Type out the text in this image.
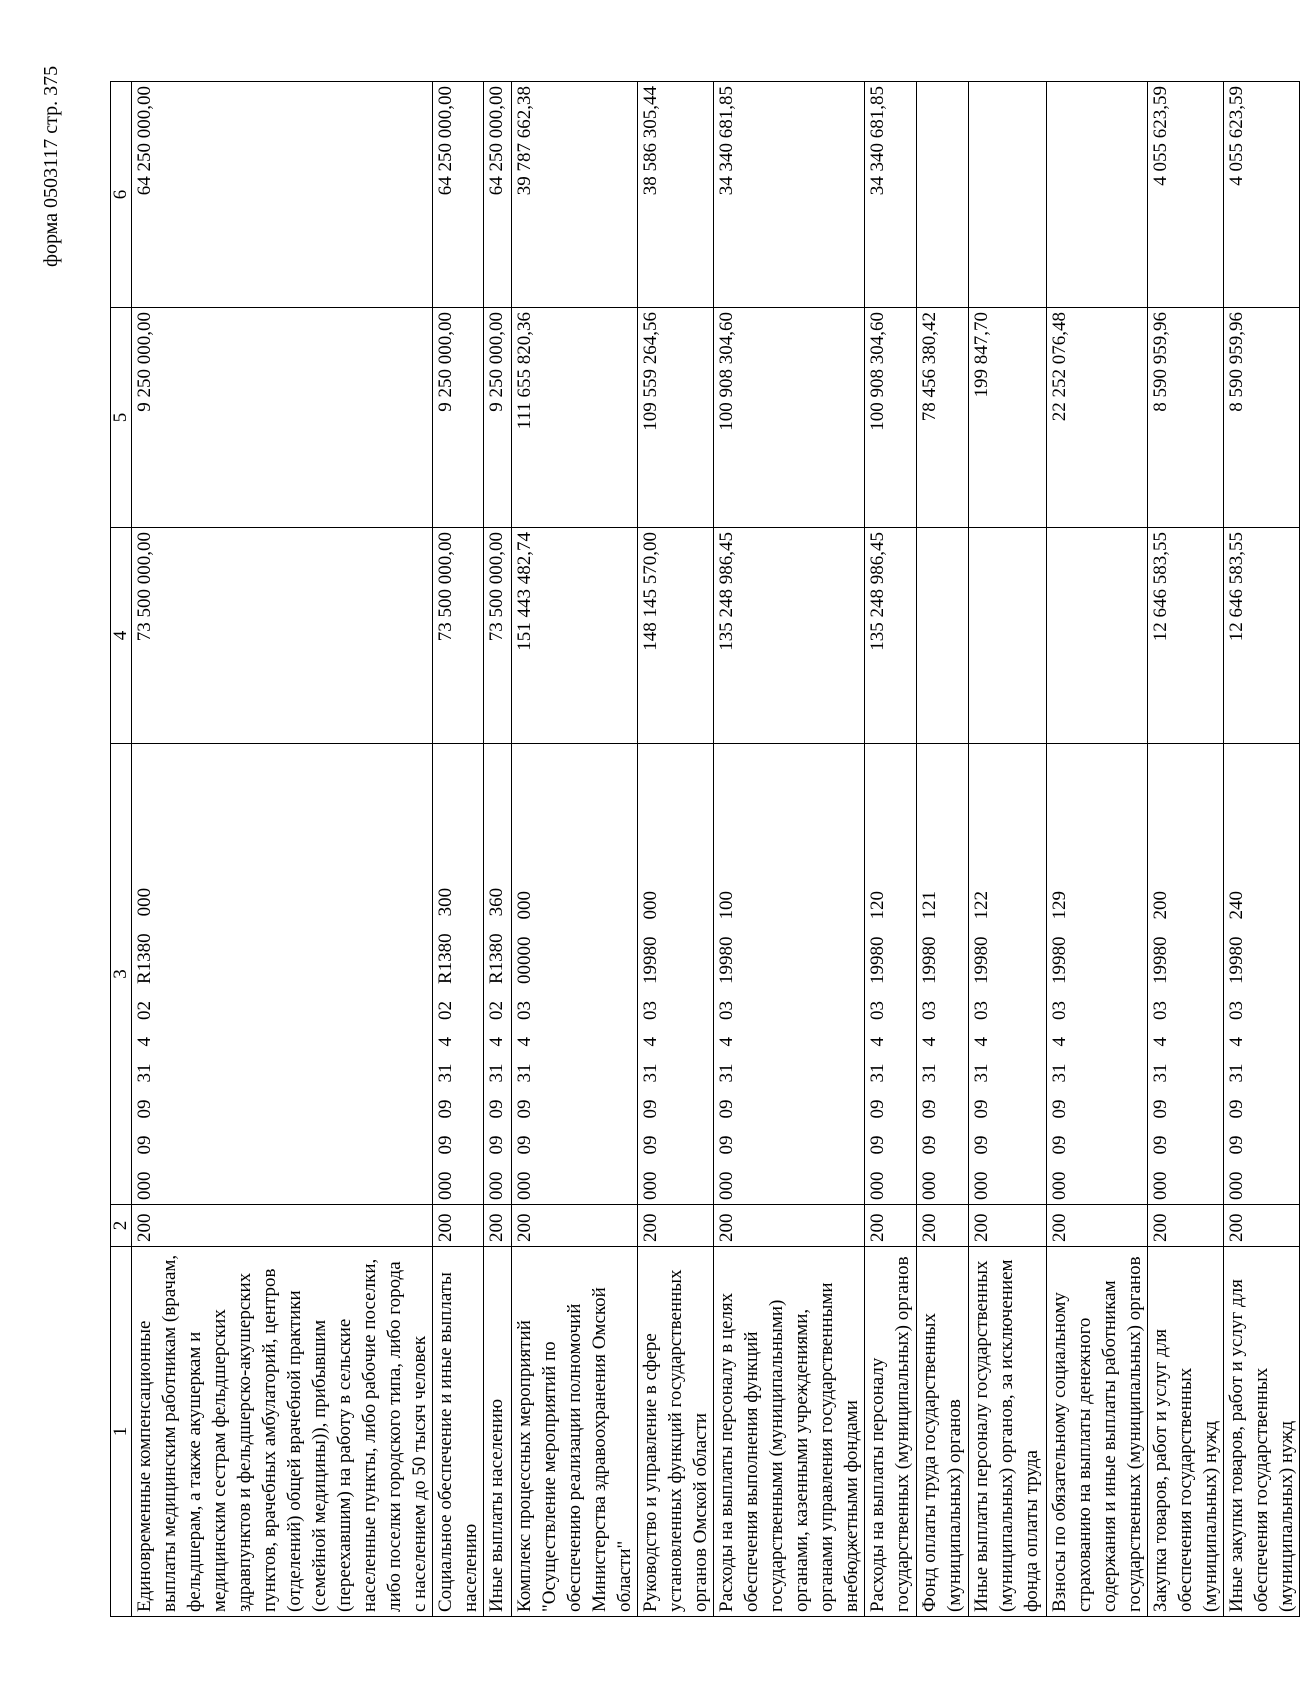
форма 0503117 стр. 375
1	2	3	4	5	6
Единовременные компенсационные выплаты медицинским работникам (врачам, фельдшерам, а также акушеркам и медицинским сестрам фельдшерских здравпунктов и фельдшерско-акушерских пунктов, врачебных амбулаторий, центров (отделений) общей врачебной практики (семейной медицины)), прибывшим (переехавшим) на работу в сельские населенные пункты, либо рабочие поселки, либо поселки городского типа, либо города с населением до 50 тысяч человек	200	000090931402R1380000	73 500 000,00	9 250 000,00	64 250 000,00
Социальное обеспечение и иные выплаты населению	200	000090931402R1380300	73 500 000,00	9 250 000,00	64 250 000,00
Иные выплаты населению	200	000090931402R1380360	73 500 000,00	9 250 000,00	64 250 000,00
Комплекс процессных мероприятий "Осуществление мероприятий по обеспечению реализации полномочий Министерства здравоохранения Омской области"	200	00009093140300000000	151 443 482,74	111 655 820,36	39 787 662,38
Руководство и управление в сфере установленных функций государственных органов Омской области	200	00009093140319980000	148 145 570,00	109 559 264,56	38 586 305,44
Расходы на выплаты персоналу в целях обеспечения выполнения функций государственными (муниципальными) органами, казенными учреждениями, органами управления государственными внебюджетными фондами	200	00009093140319980100	135 248 986,45	100 908 304,60	34 340 681,85
Расходы на выплаты персоналу государственных (муниципальных) органов	200	00009093140319980120	135 248 986,45	100 908 304,60	34 340 681,85
Фонд оплаты труда государственных (муниципальных) органов	200	00009093140319980121		78 456 380,42	
Иные выплаты персоналу государственных (муниципальных) органов, за исключением фонда оплаты труда	200	00009093140319980122		199 847,70	
Взносы по обязательному социальному страхованию на выплаты денежного содержания и иные выплаты работникам государственных (муниципальных) органов	200	00009093140319980129		22 252 076,48	
Закупка товаров, работ и услуг для обеспечения государственных (муниципальных) нужд	200	00009093140319980200	12 646 583,55	8 590 959,96	4 055 623,59
Иные закупки товаров, работ и услуг для обеспечения государственных (муниципальных) нужд	200	00009093140319980240	12 646 583,55	8 590 959,96	4 055 623,59
